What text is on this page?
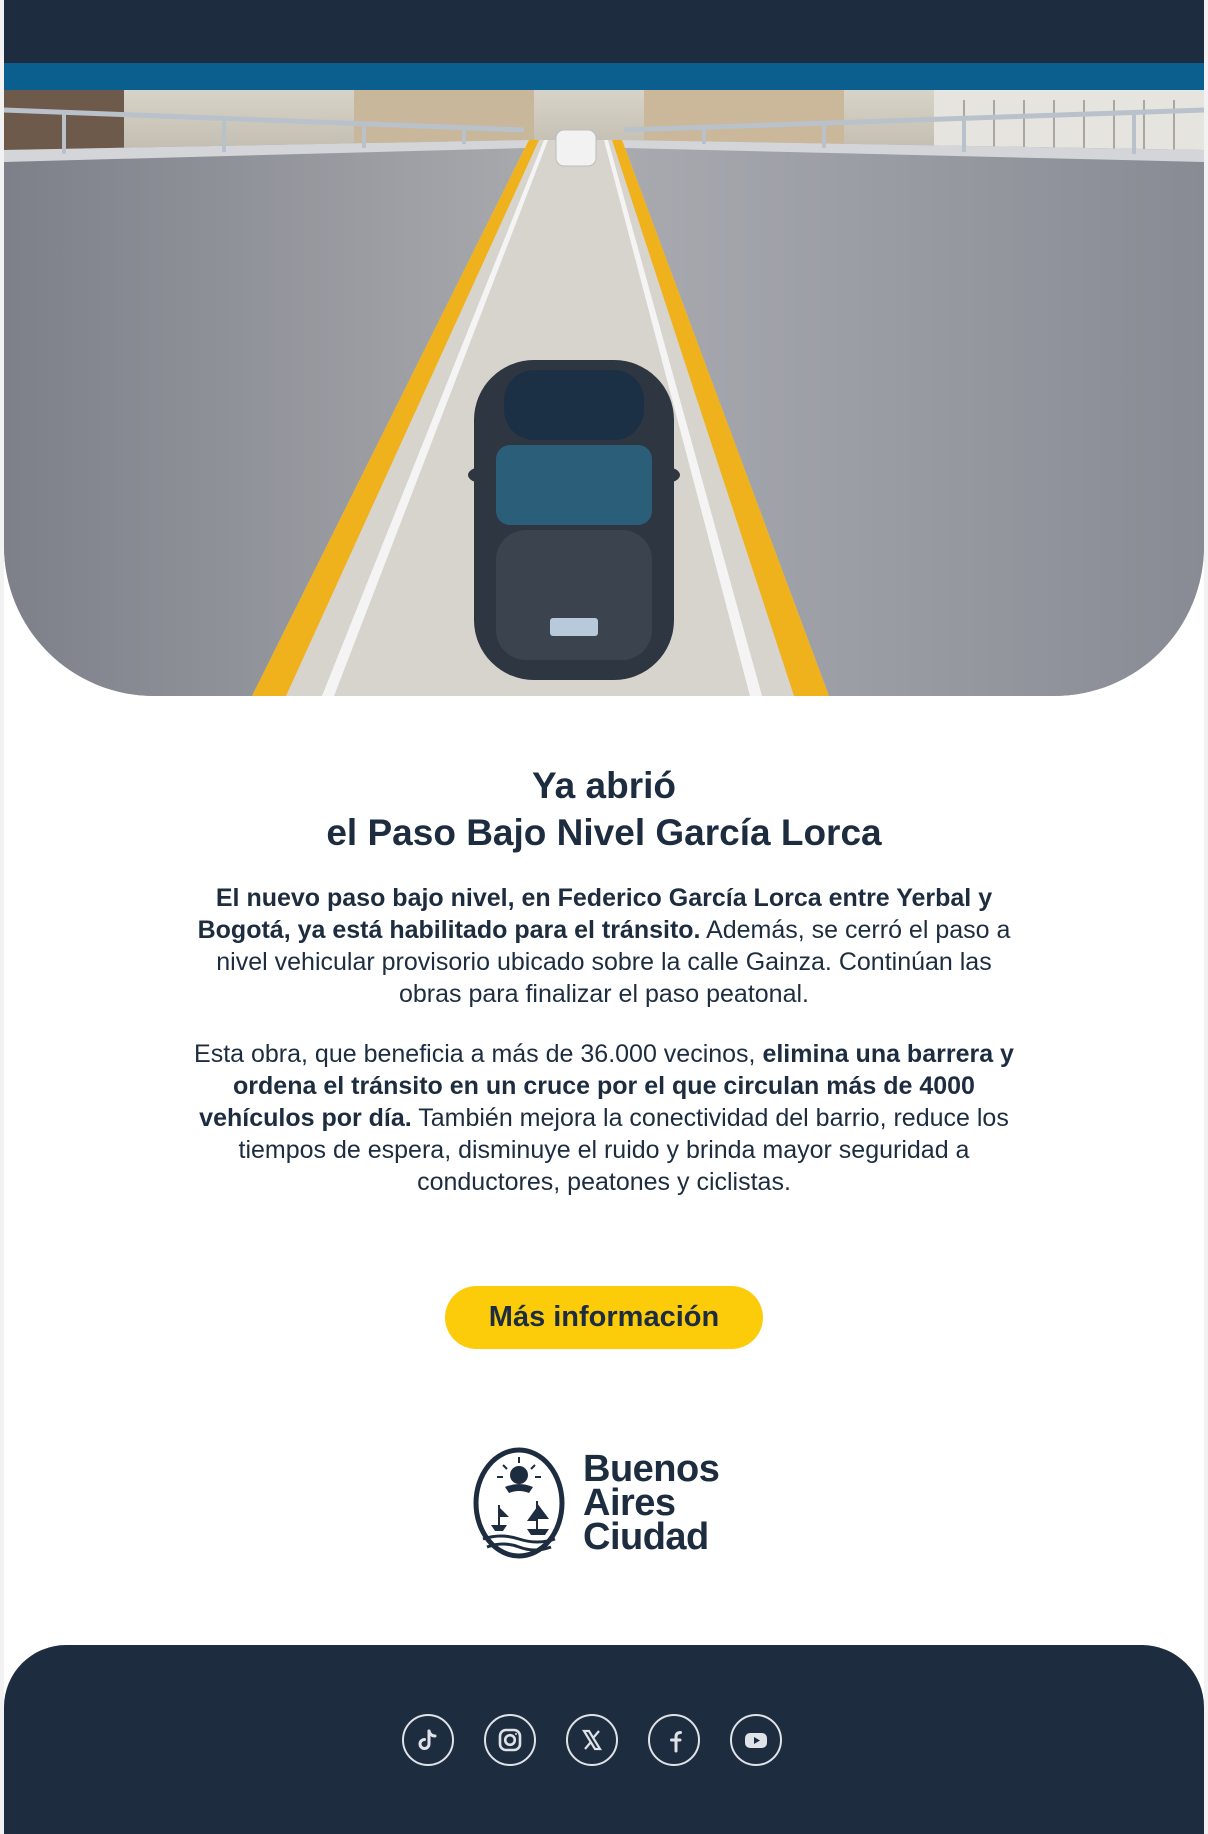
Ya abrió
el Paso Bajo Nivel García Lorca

El nuevo paso bajo nivel, en Federico García Lorca entre Yerbal y Bogotá, ya está habilitado para el tránsito. Además, se cerró el paso a nivel vehicular provisorio ubicado sobre la calle Gainza. Continúan las obras para finalizar el paso peatonal.

Esta obra, que beneficia a más de 36.000 vecinos, elimina una barrera y ordena el tránsito en un cruce por el que circulan más de 4000 vehículos por día. También mejora la conectividad del barrio, reduce los tiempos de espera, disminuye el ruido y brinda mayor seguridad a conductores, peatones y ciclistas.

Más información
Buenos
Aires
Ciudad
